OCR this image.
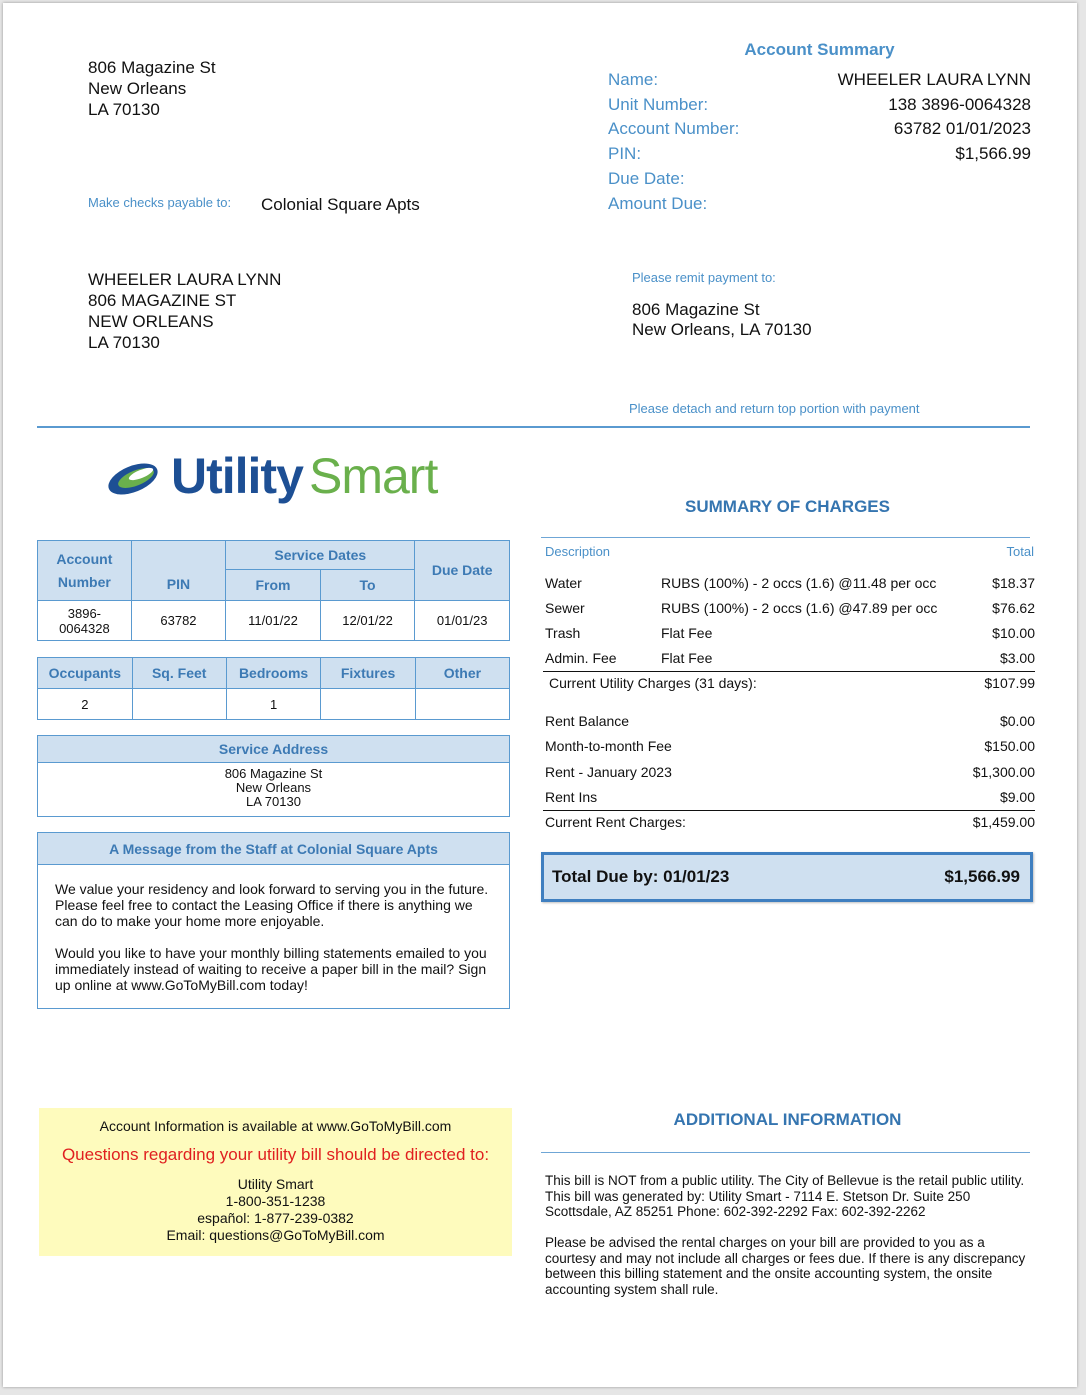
806 Magazine St
New Orleans
LA 70130
Account Summary
Name:	WHEELER LAURA LYNN
Unit Number:	138 3896-0064328
Account Number:	63782 01/01/2023
PIN:	$1,566.99
Due Date:
Amount Due:
Make checks payable to: Colonial Square Apts
WHEELER LAURA LYNN
806 MAGAZINE ST
NEW ORLEANS
LA 70130
Please remit payment to:
806 Magazine St
New Orleans, LA 70130
Please detach and return top portion with payment
Utility Smart
Account Number	PIN	Service Dates		Due Date
		From	To	
3896-0064328	63782	11/01/22	12/01/22	01/01/23
Occupants	Sq. Feet	Bedrooms	Fixtures	Other
2		1		
Service Address
806 Magazine St
New Orleans
LA 70130
A Message from the Staff at Colonial Square Apts
We value your residency and look forward to serving you in the future. Please feel free to contact the Leasing Office if there is anything we can do to make your home more enjoyable.
Would you like to have your monthly billing statements emailed to you immediately instead of waiting to receive a paper bill in the mail? Sign up online at www.GoToMyBill.com today!
SUMMARY OF CHARGES
Description	Total
Water	RUBS (100%) - 2 occs (1.6) @11.48 per occ	$18.37
Sewer	RUBS (100%) - 2 occs (1.6) @47.89 per occ	$76.62
Trash	Flat Fee	$10.00
Admin. Fee	Flat Fee	$3.00
Current Utility Charges (31 days):	$107.99
Rent Balance	$0.00
Month-to-month Fee	$150.00
Rent - January 2023	$1,300.00
Rent Ins	$9.00
Current Rent Charges:	$1,459.00
Total Due by: 01/01/23	$1,566.99
Account Information is available at www.GoToMyBill.com
Questions regarding your utility bill should be directed to:
Utility Smart
1-800-351-1238
español: 1-877-239-0382
Email: questions@GoToMyBill.com
ADDITIONAL INFORMATION
This bill is NOT from a public utility. The City of Bellevue is the retail public utility. This bill was generated by: Utility Smart - 7114 E. Stetson Dr. Suite 250 Scottsdale, AZ 85251 Phone: 602-392-2292 Fax: 602-392-2262
Please be advised the rental charges on your bill are provided to you as a courtesy and may not include all charges or fees due. If there is any discrepancy between this billing statement and the onsite accounting system, the onsite accounting system shall rule.
